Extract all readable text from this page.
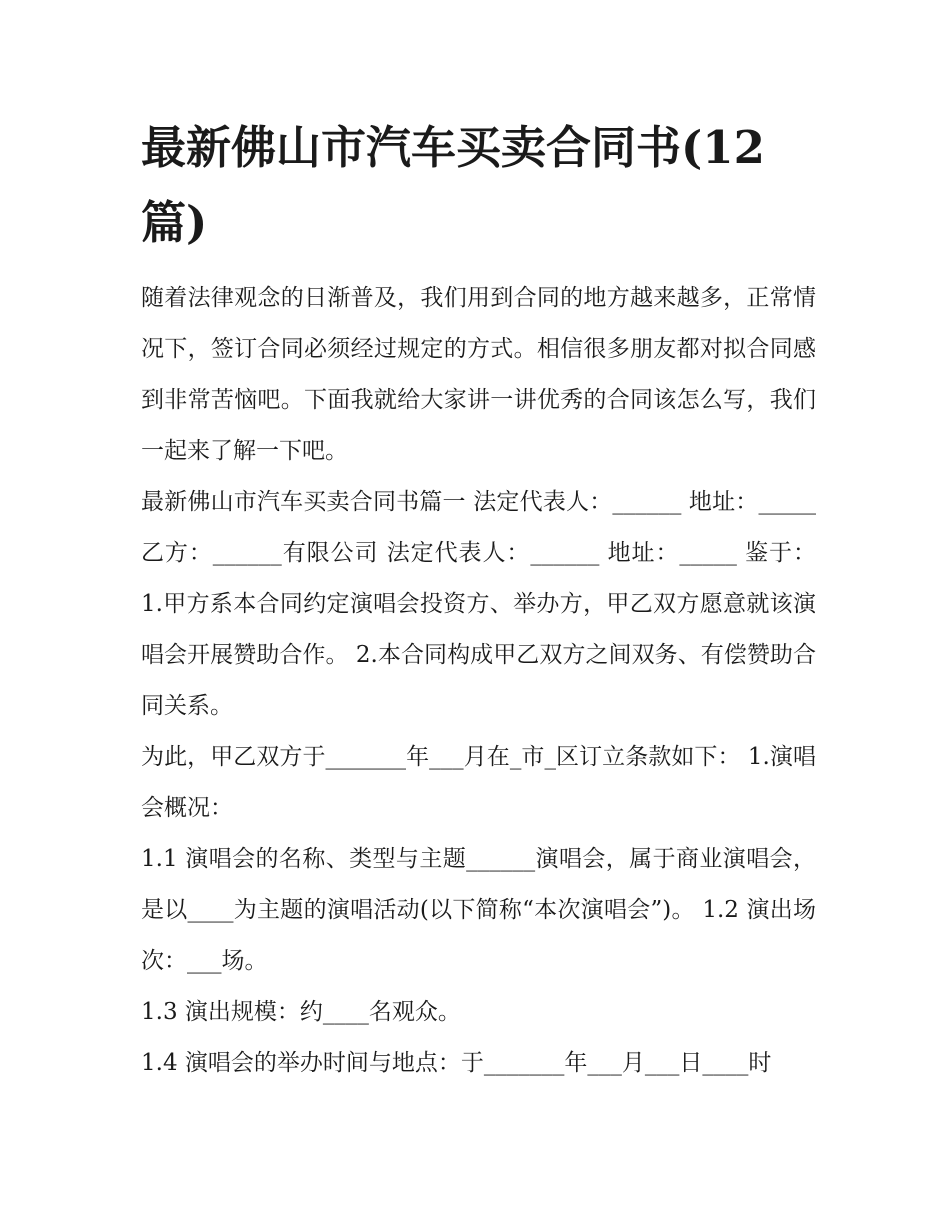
最新佛山市汽车买卖合同书(12篇)

随着法律观念的日渐普及，我们用到合同的地方越来越多，正常情况下，签订合同必须经过规定的方式。相信很多朋友都对拟合同感到非常苦恼吧。下面我就给大家讲一讲优秀的合同该怎么写，我们一起来了解一下吧。

最新佛山市汽车买卖合同书篇一 法定代表人：______ 地址：_____ 乙方：______有限公司 法定代表人：______ 地址：_____ 鉴于： 1.甲方系本合同约定演唱会投资方、举办方，甲乙双方愿意就该演唱会开展赞助合作。 2.本合同构成甲乙双方之间双务、有偿赞助合同关系。

为此，甲乙双方于_______年___月在_市_区订立条款如下： 1.演唱会概况：

1.1 演唱会的名称、类型与主题______演唱会，属于商业演唱会，是以____为主题的演唱活动(以下简称“本次演唱会”)。 1.2 演出场次：___场。

1.3 演出规模：约____名观众。

1.4 演唱会的举办时间与地点：于_______年___月___日____时
